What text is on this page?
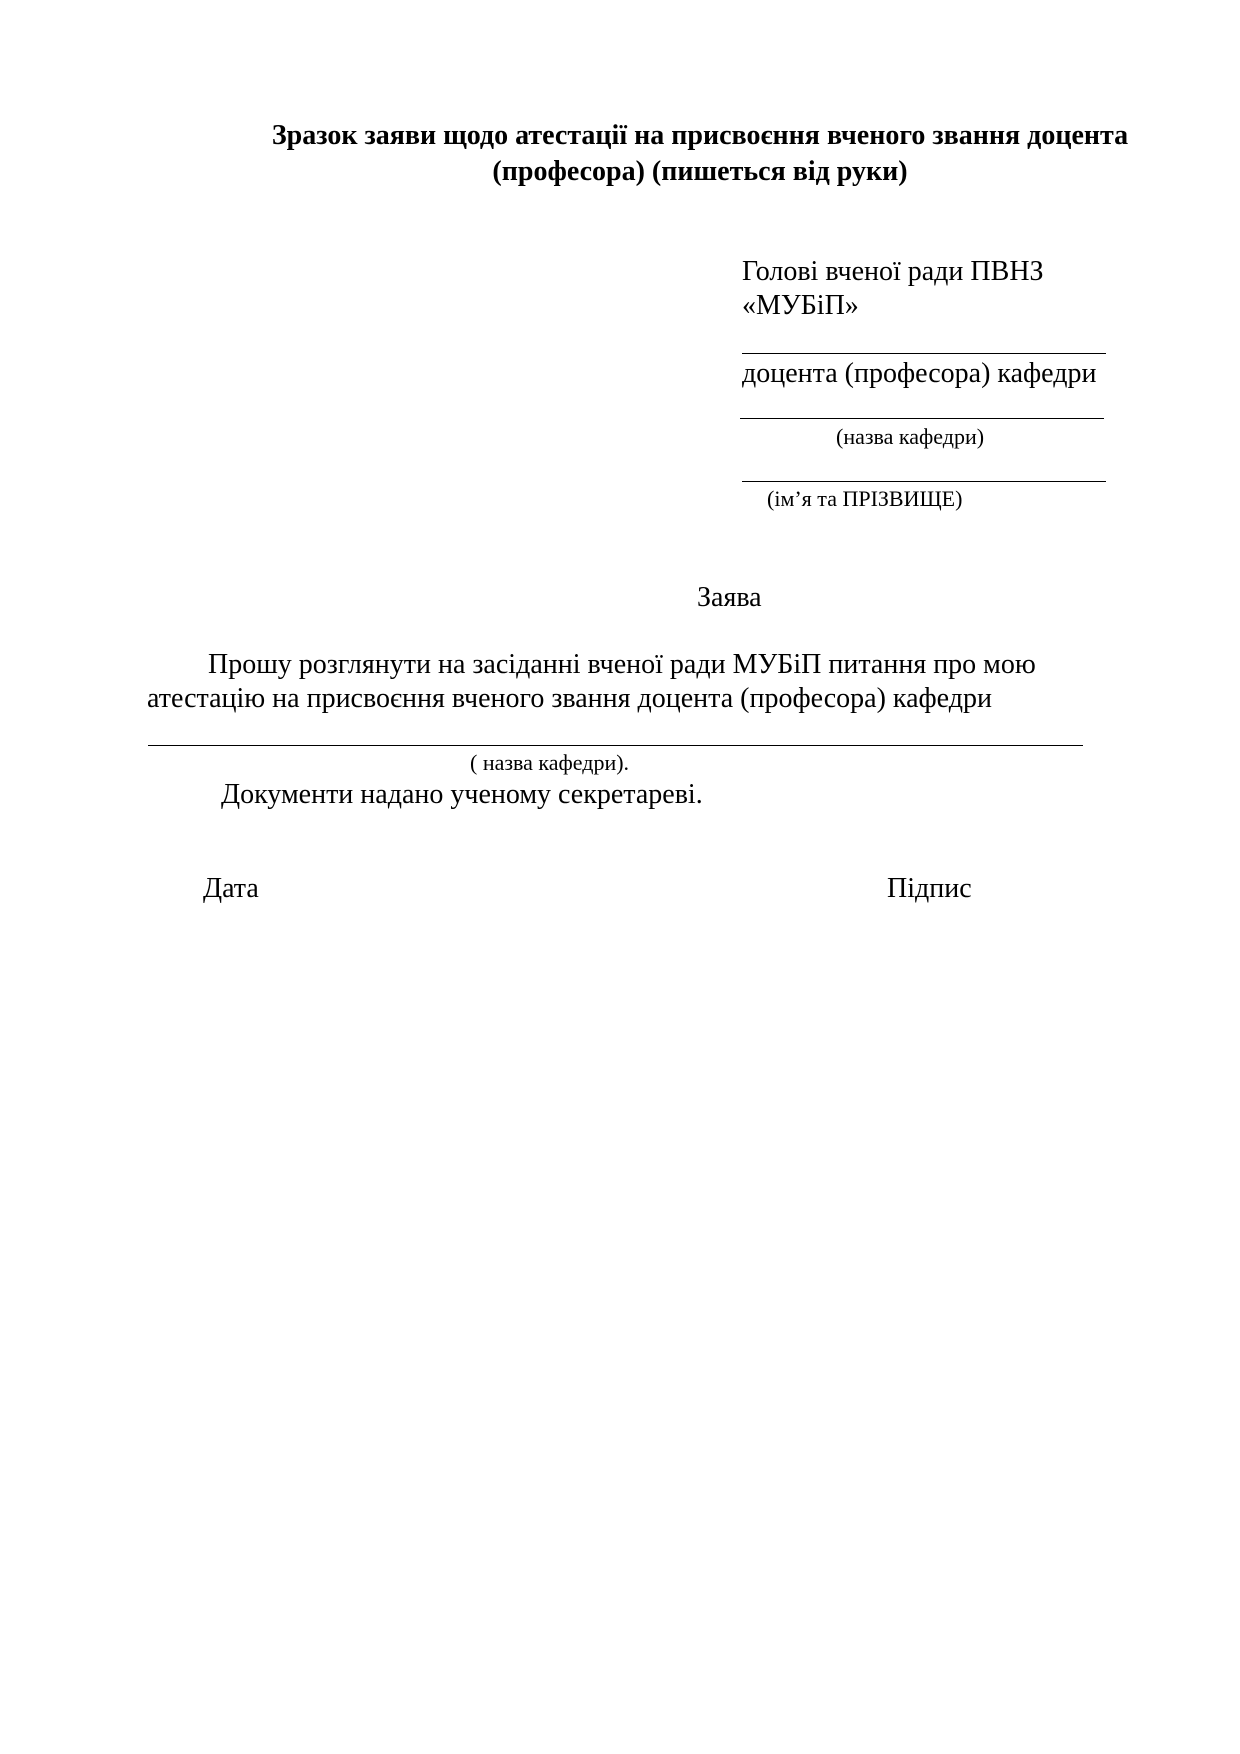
Зразок заяви щодо атестації на присвоєння вченого звання доцента
(професора) (пишеться від руки)
Голові вченої ради ПВНЗ
«МУБіП»
доцента (професора) кафедри
(назва кафедри)
(ім’я та ПРІЗВИЩЕ)
Заява
Прошу розглянути на засіданні вченої ради МУБіП питання про мою
атестацію на присвоєння вченого звання доцента (професора) кафедри
( назва кафедри).
Документи надано ученому секретареві.
Дата	Підпис
